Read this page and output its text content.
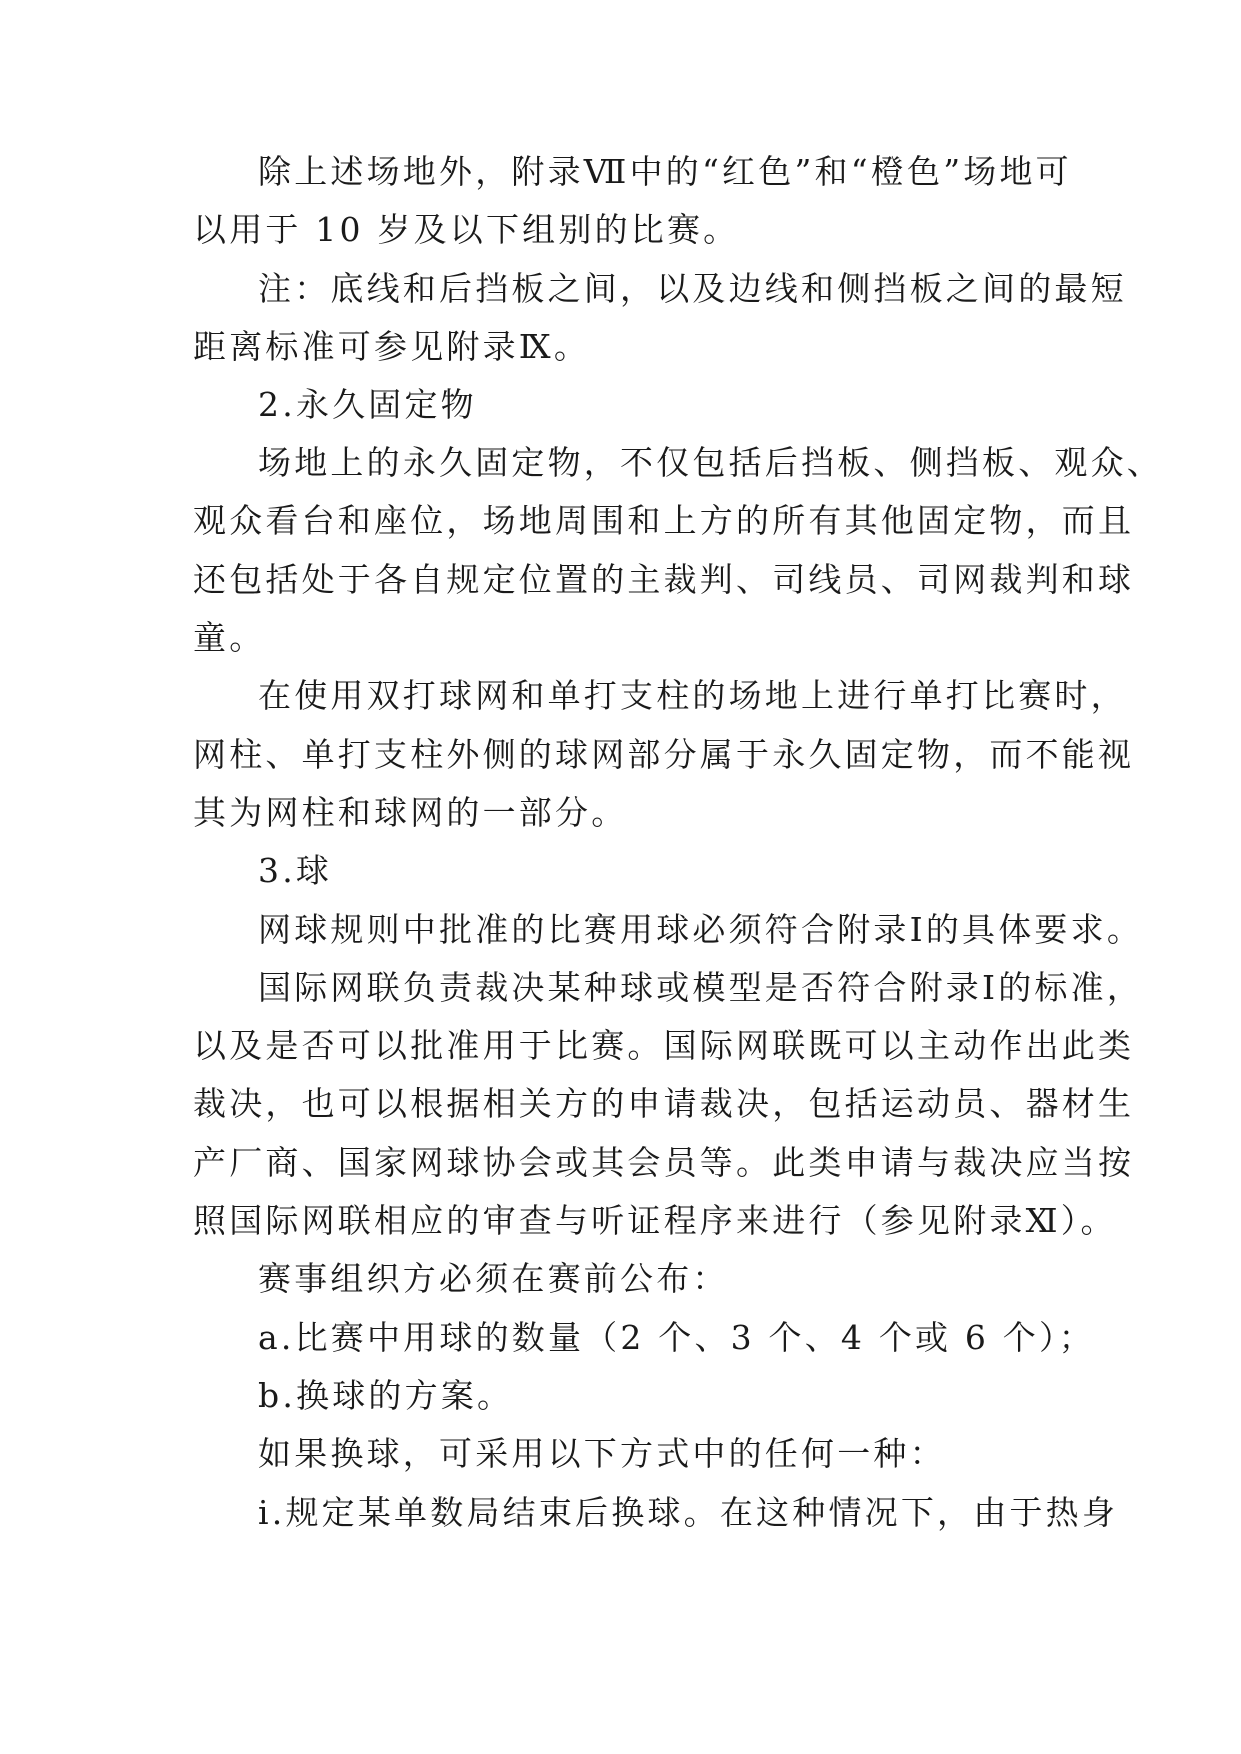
除上述场地外，附录Ⅶ中的“红色”和“橙色”场地可
以用于 10 岁及以下组别的比赛。
注：底线和后挡板之间，以及边线和侧挡板之间的最短
距离标准可参见附录Ⅸ。
2.永久固定物
场地上的永久固定物，不仅包括后挡板、侧挡板、观众、
观众看台和座位，场地周围和上方的所有其他固定物，而且
还包括处于各自规定位置的主裁判、司线员、司网裁判和球
童。
在使用双打球网和单打支柱的场地上进行单打比赛时，
网柱、单打支柱外侧的球网部分属于永久固定物，而不能视
其为网柱和球网的一部分。
3.球
网球规则中批准的比赛用球必须符合附录Ⅰ的具体要求。
国际网联负责裁决某种球或模型是否符合附录Ⅰ的标准，
以及是否可以批准用于比赛。国际网联既可以主动作出此类
裁决，也可以根据相关方的申请裁决，包括运动员、器材生
产厂商、国家网球协会或其会员等。此类申请与裁决应当按
照国际网联相应的审查与听证程序来进行（参见附录Ⅺ）。
赛事组织方必须在赛前公布：
a.比赛中用球的数量（2 个、3 个、4 个或 6 个）；
b.换球的方案。
如果换球，可采用以下方式中的任何一种：
i.规定某单数局结束后换球。在这种情况下，由于热身
